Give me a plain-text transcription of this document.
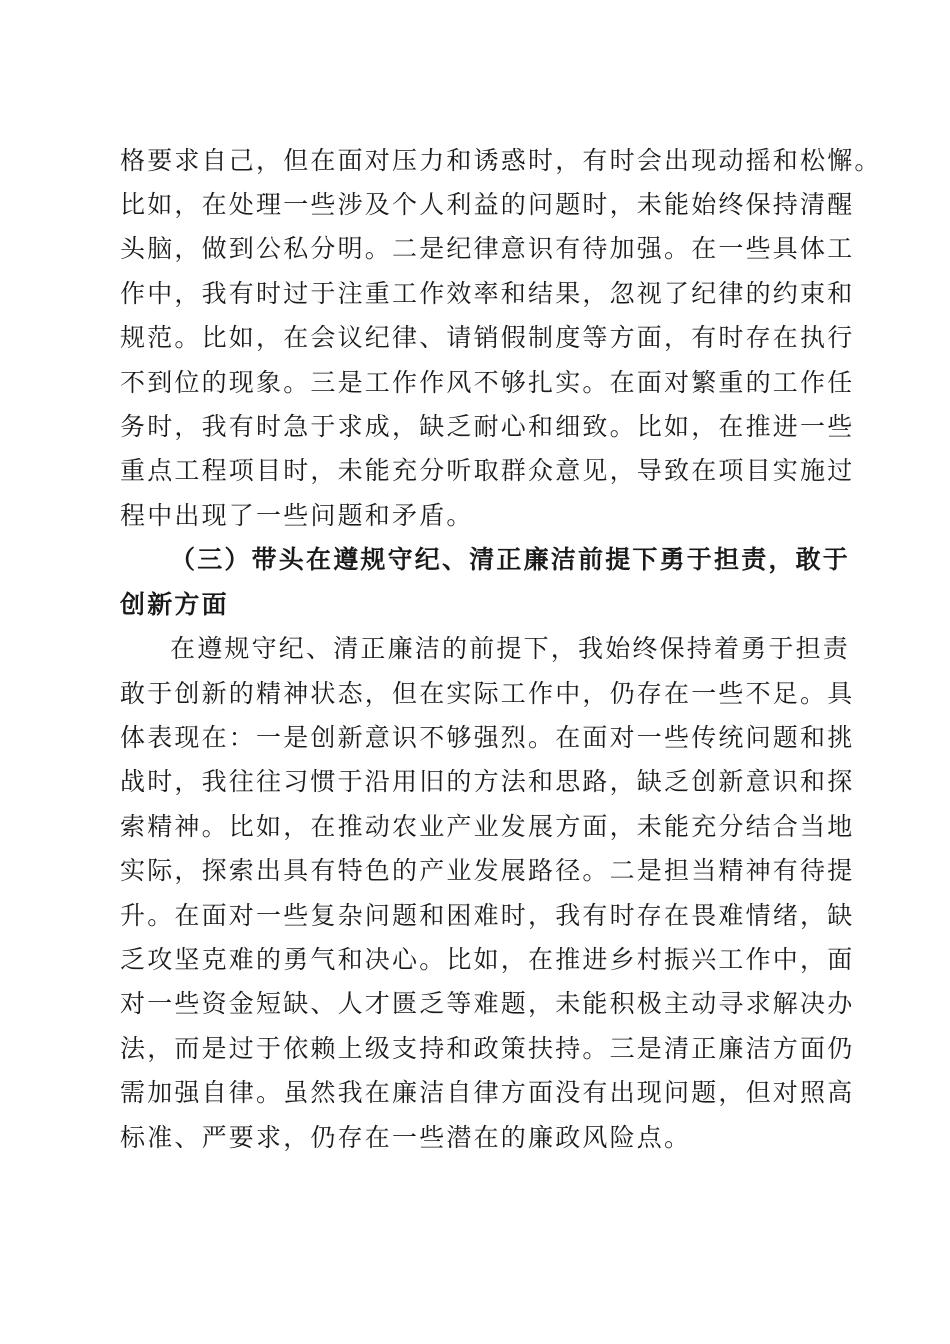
格要求自己，但在面对压力和诱惑时，有时会出现动摇和松懈。
比如，在处理一些涉及个人利益的问题时，未能始终保持清醒
头脑，做到公私分明。二是纪律意识有待加强。在一些具体工
作中，我有时过于注重工作效率和结果，忽视了纪律的约束和
规范。比如，在会议纪律、请销假制度等方面，有时存在执行
不到位的现象。三是工作作风不够扎实。在面对繁重的工作任
务时，我有时急于求成，缺乏耐心和细致。比如，在推进一些
重点工程项目时，未能充分听取群众意见，导致在项目实施过
程中出现了一些问题和矛盾。
（三）带头在遵规守纪、清正廉洁前提下勇于担责，敢于
创新方面
在遵规守纪、清正廉洁的前提下，我始终保持着勇于担责
敢于创新的精神状态，但在实际工作中，仍存在一些不足。具
体表现在：一是创新意识不够强烈。在面对一些传统问题和挑
战时，我往往习惯于沿用旧的方法和思路，缺乏创新意识和探
索精神。比如，在推动农业产业发展方面，未能充分结合当地
实际，探索出具有特色的产业发展路径。二是担当精神有待提
升。在面对一些复杂问题和困难时，我有时存在畏难情绪，缺
乏攻坚克难的勇气和决心。比如，在推进乡村振兴工作中，面
对一些资金短缺、人才匮乏等难题，未能积极主动寻求解决办
法，而是过于依赖上级支持和政策扶持。三是清正廉洁方面仍
需加强自律。虽然我在廉洁自律方面没有出现问题，但对照高
标准、严要求，仍存在一些潜在的廉政风险点。
